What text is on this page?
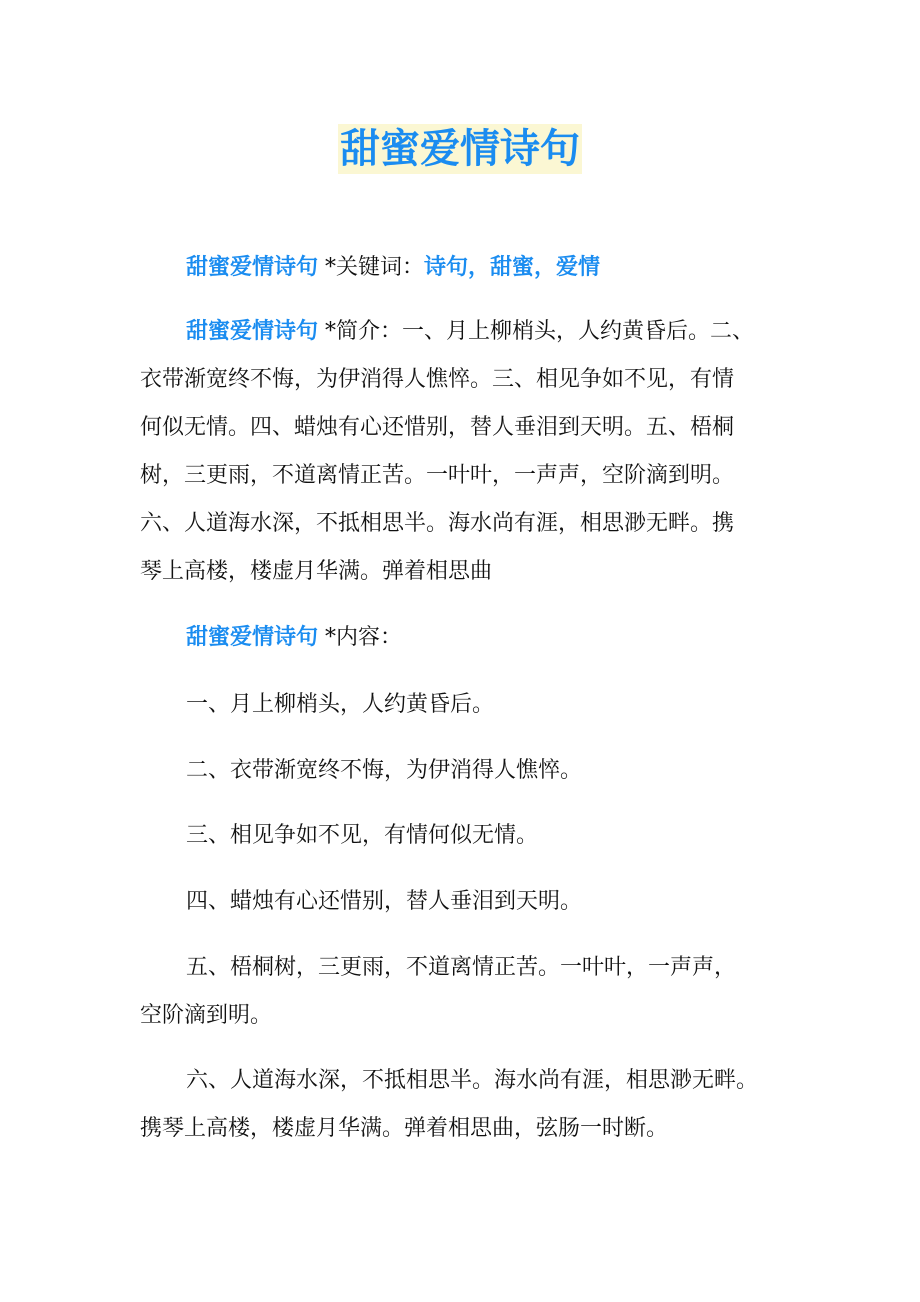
甜蜜爱情诗句
甜蜜爱情诗句 *关键词：诗句，甜蜜，爱情
甜蜜爱情诗句 *简介：一、月上柳梢头，人约黄昏后。二、
衣带渐宽终不悔，为伊消得人憔悴。三、相见争如不见，有情
何似无情。四、蜡烛有心还惜别，替人垂泪到天明。五、梧桐
树，三更雨，不道离情正苦。一叶叶，一声声，空阶滴到明。
六、人道海水深，不抵相思半。海水尚有涯，相思渺无畔。携
琴上高楼，楼虚月华满。弹着相思曲
甜蜜爱情诗句 *内容：
一、月上柳梢头，人约黄昏后。
二、衣带渐宽终不悔，为伊消得人憔悴。
三、相见争如不见，有情何似无情。
四、蜡烛有心还惜别，替人垂泪到天明。
五、梧桐树，三更雨，不道离情正苦。一叶叶，一声声，
空阶滴到明。
六、人道海水深，不抵相思半。海水尚有涯，相思渺无畔。
携琴上高楼，楼虚月华满。弹着相思曲，弦肠一时断。
